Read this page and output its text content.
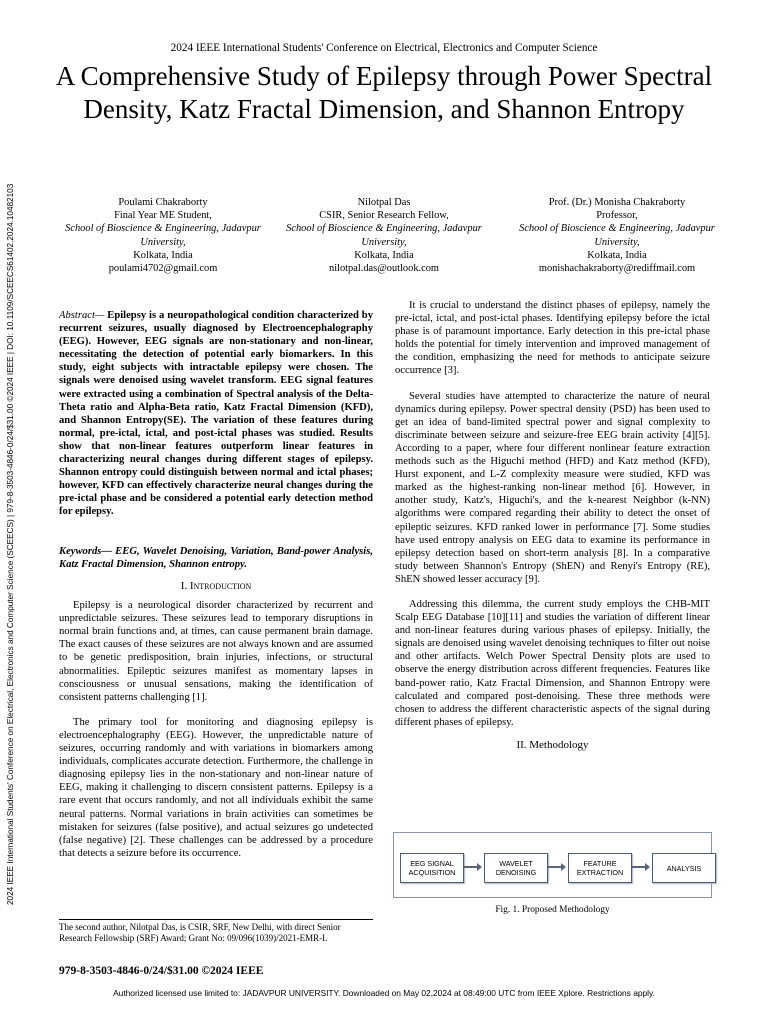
2024 IEEE International Students' Conference on Electrical, Electronics and Computer Science
A Comprehensive Study of Epilepsy through Power Spectral Density, Katz Fractal Dimension, and Shannon Entropy
Poulami Chakraborty
Final Year ME Student,
School of Bioscience & Engineering, Jadavpur University,
Kolkata, India
poulami4702@gmail.com
Nilotpal Das
CSIR, Senior Research Fellow,
School of Bioscience & Engineering, Jadavpur University,
Kolkata, India
nilotpal.das@outlook.com
Prof. (Dr.) Monisha Chakraborty
Professor,
School of Bioscience & Engineering, Jadavpur University,
Kolkata, India
monishachakraborty@rediffmail.com
Abstract— Epilepsy is a neuropathological condition characterized by recurrent seizures, usually diagnosed by Electroencephalography (EEG). However, EEG signals are non-stationary and non-linear, necessitating the detection of potential early biomarkers. In this study, eight subjects with intractable epilepsy were chosen. The signals were denoised using wavelet transform. EEG signal features were extracted using a combination of Spectral analysis of the Delta-Theta ratio and Alpha-Beta ratio, Katz Fractal Dimension (KFD), and Shannon Entropy(SE). The variation of these features during normal, pre-ictal, ictal, and post-ictal phases was studied. Results show that non-linear features outperform linear features in characterizing neural changes during different stages of epilepsy. Shannon entropy could distinguish between normal and ictal phases; however, KFD can effectively characterize neural changes during the pre-ictal phase and be considered a potential early detection method for epilepsy.
Keywords— EEG, Wavelet Denoising, Variation, Band-power Analysis, Katz Fractal Dimension, Shannon entropy.
I. Introduction

Epilepsy is a neurological disorder characterized by recurrent and unpredictable seizures. These seizures lead to temporary disruptions in normal brain functions and, at times, can cause permanent brain damage. The exact causes of these seizures are not always known and are assumed to be genetic predisposition, brain injuries, infections, or structural abnormalities. Epileptic seizures manifest as momentary lapses in consciousness or unusual sensations, making the identification of consistent patterns challenging [1].

The primary tool for monitoring and diagnosing epilepsy is electroencephalography (EEG). However, the unpredictable nature of seizures, occurring randomly and with variations in biomarkers among individuals, complicates accurate detection. Furthermore, the challenge in diagnosing epilepsy lies in the non-stationary and non-linear nature of EEG, making it challenging to discern consistent patterns. Epilepsy is a rare event that occurs randomly, and not all individuals exhibit the same neural patterns. Normal variations in brain activities can sometimes be mistaken for seizures (false positive), and actual seizures go undetected (false negative) [2]. These challenges can be addressed by a procedure that detects a seizure before its occurrence.

It is crucial to understand the distinct phases of epilepsy, namely the pre-ictal, ictal, and post-ictal phases. Identifying epilepsy before the ictal phase is of paramount importance. Early detection in this pre-ictal phase holds the potential for timely intervention and improved management of the condition, emphasizing the need for methods to anticipate seizure occurrence [3].

Several studies have attempted to characterize the nature of neural dynamics during epilepsy. Power spectral density (PSD) has been used to get an idea of band-limited spectral power and signal complexity to discriminate between seizure and seizure-free EEG brain activity [4][5]. According to a paper, where four different nonlinear feature extraction methods such as the Higuchi method (HFD) and Katz method (KFD), Hurst exponent, and L-Z complexity measure were studied, KFD was marked as the highest-ranking non-linear method [6]. However, in another study, Katz's, Higuchi's, and the k-nearest Neighbor (k-NN) algorithms were compared regarding their ability to detect the onset of epileptic seizures. KFD ranked lower in performance [7]. Some studies have used entropy analysis on EEG data to examine its performance in epilepsy detection based on short-term analysis [8]. In a comparative study between Shannon's Entropy (ShEN) and Renyi's Entropy (RE), ShEN showed lesser accuracy [9].

Addressing this dilemma, the current study employs the CHB-MIT Scalp EEG Database [10][11] and studies the variation of different linear and non-linear features during various phases of epilepsy. Initially, the signals are denoised using wavelet denoising techniques to filter out noise and other artifacts. Welch Power Spectral Density plots are used to observe the energy distribution across different frequencies. Features like band-power ratio, Katz Fractal Dimension, and Shannon Entropy were calculated and compared post-denoising. These three methods were chosen to address the different characteristic aspects of the signal during different phases of epilepsy.

II. Methodology
EEG SIGNAL
ACQUISITION
WAVELET
DENOISING
FEATURE
EXTRACTION	ANALYSIS
Fig. 1. Proposed Methodology
The second author, Nilotpal Das, is CSIR, SRF, New Delhi, with direct Senior Research Fellowship (SRF) Award; Grant No: 09/096(1039)/2021-EMR-I.
979-8-3503-4846-0/24/$31.00 ©2024 IEEE
Authorized licensed use limited to: JADAVPUR UNIVERSITY. Downloaded on May 02,2024 at 08:49:00 UTC from IEEE Xplore. Restrictions apply.
2024 IEEE International Students' Conference on Electrical, Electronics and Computer Science (SCEECS) | 979-8-3503-4846-0/24/$31.00 ©2024 IEEE | DOI: 10.1109/SCEECS61402.2024.10482103
